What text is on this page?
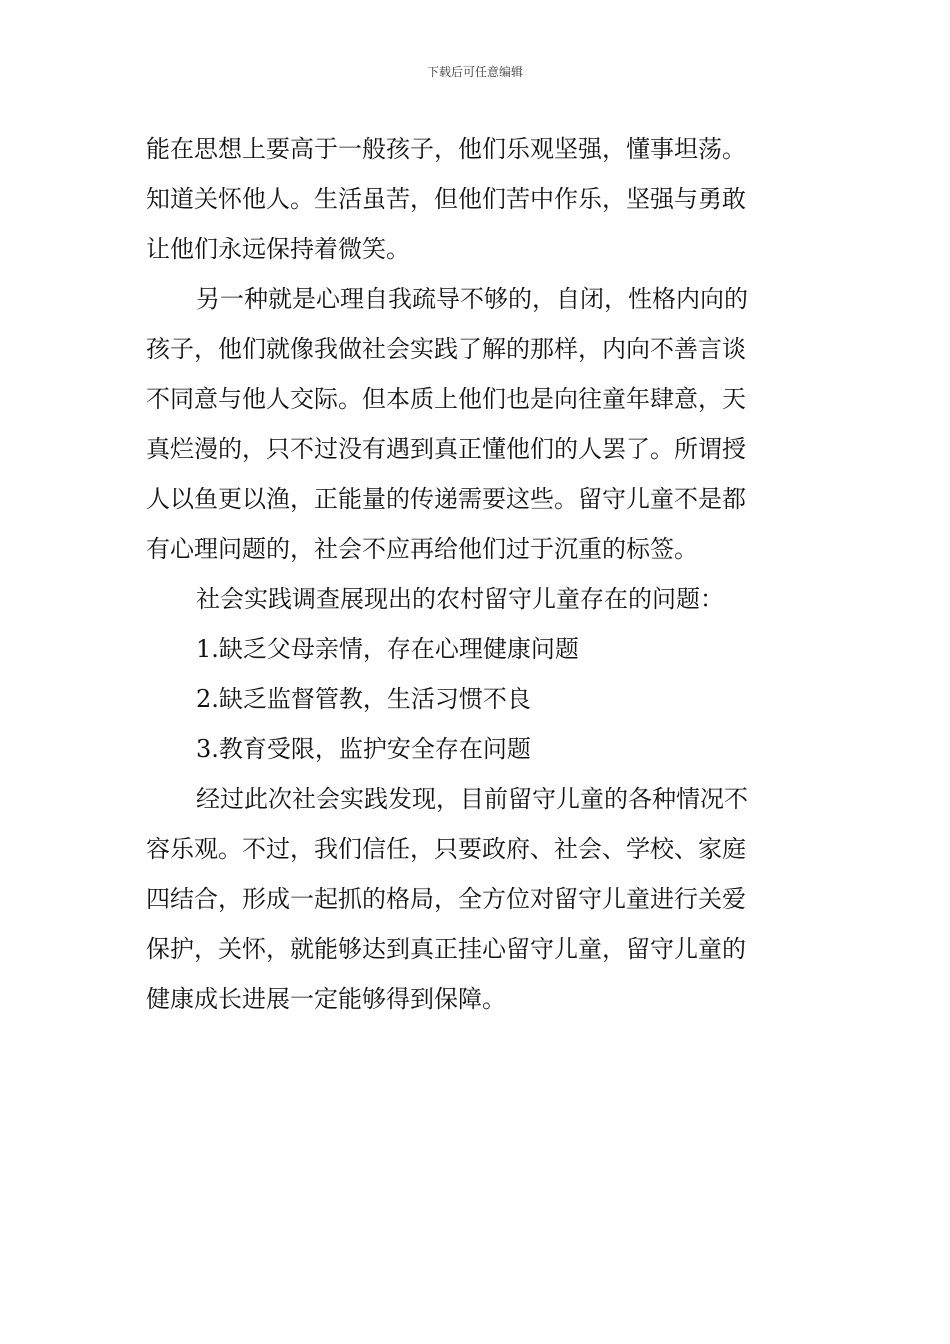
下载后可任意编辑
能在思想上要高于一般孩子，他们乐观坚强，懂事坦荡。
知道关怀他人。生活虽苦，但他们苦中作乐，坚强与勇敢
让他们永远保持着微笑。
另一种就是心理自我疏导不够的，自闭，性格内向的
孩子，他们就像我做社会实践了解的那样，内向不善言谈
不同意与他人交际。但本质上他们也是向往童年肆意，天
真烂漫的，只不过没有遇到真正懂他们的人罢了。所谓授
人以鱼更以渔，正能量的传递需要这些。留守儿童不是都
有心理问题的，社会不应再给他们过于沉重的标签。
社会实践调查展现出的农村留守儿童存在的问题：
1.缺乏父母亲情，存在心理健康问题
2.缺乏监督管教，生活习惯不良
3.教育受限，监护安全存在问题
经过此次社会实践发现，目前留守儿童的各种情况不
容乐观。不过，我们信任，只要政府、社会、学校、家庭
四结合，形成一起抓的格局，全方位对留守儿童进行关爱
保护，关怀，就能够达到真正挂心留守儿童，留守儿童的
健康成长进展一定能够得到保障。
